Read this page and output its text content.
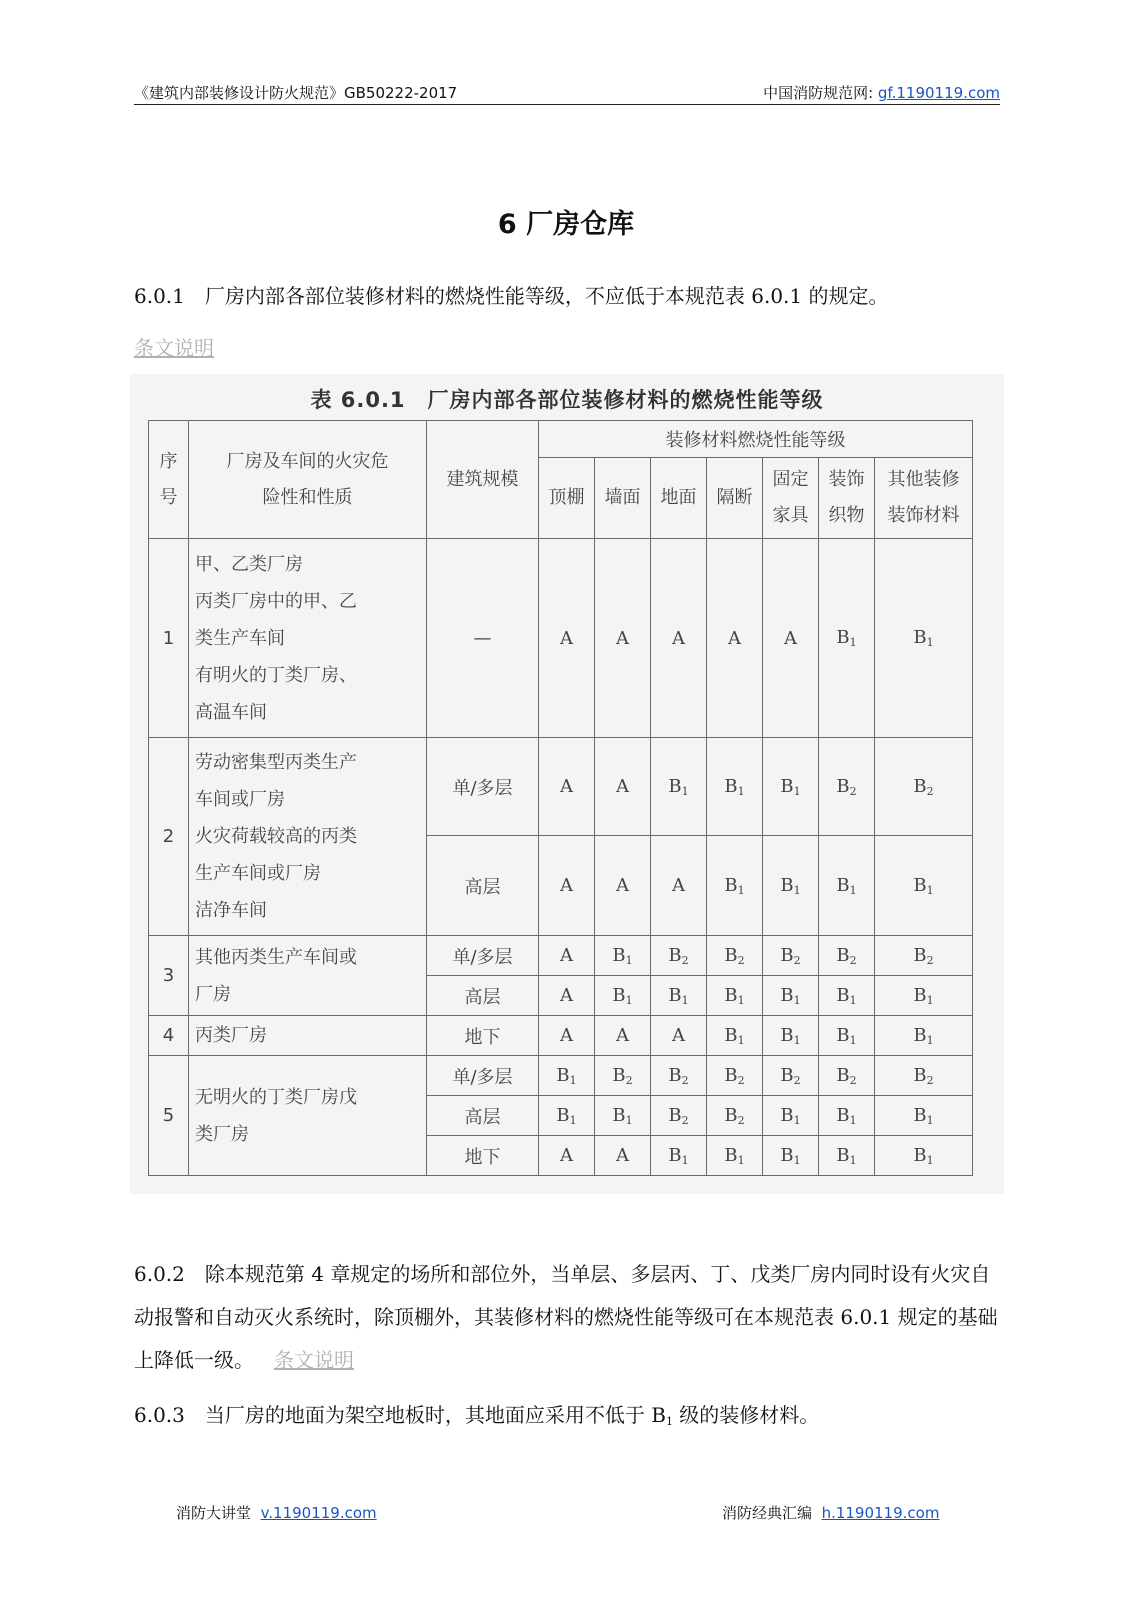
《建筑内部装修设计防火规范》GB50222-2017	中国消防规范网: gf.1190119.com
6 厂房仓库
6.0.1  厂房内部各部位装修材料的燃烧性能等级，不应低于本规范表 6.0.1 的规定。
条文说明
表 6.0.1　厂房内部各部位装修材料的燃烧性能等级
序号	厂房及车间的火灾危险性和性质	建筑规模	装修材料燃烧性能等级						
			顶棚	墙面	地面	隔断	固定家具	装饰织物	其他装修装饰材料
1	甲、乙类厂房
丙类厂房中的甲、乙
类生产车间
有明火的丁类厂房、
高温车间	—	A	A	A	A	A	$B_1$	$B_1$
2	劳动密集型丙类生产
车间或厂房
火灾荷载较高的丙类
生产车间或厂房
洁净车间	单/多层	A	A	$B_1$	$B_1$	$B_1$	$B_2$	$B_2$
		高层	A	A	A	$B_1$	$B_1$	$B_1$	$B_1$
3	其他丙类生产车间或
厂房	单/多层	A	$B_1$	$B_2$	$B_2$	$B_2$	$B_2$	$B_2$
		高层	A	$B_1$	$B_1$	$B_1$	$B_1$	$B_1$	$B_1$
4	丙类厂房	地下	A	A	A	$B_1$	$B_1$	$B_1$	$B_1$
5	无明火的丁类厂房戊
类厂房	单/多层	$B_1$	$B_2$	$B_2$	$B_2$	$B_2$	$B_2$	$B_2$
		高层	$B_1$	$B_1$	$B_2$	$B_2$	$B_1$	$B_1$	$B_1$
		地下	A	A	$B_1$	$B_1$	$B_1$	$B_1$	$B_1$
6.0.2  除本规范第 4 章规定的场所和部位外，当单层、多层丙、丁、戊类厂房内同时设有火灾自动报警和自动灭火系统时，除顶棚外，其装修材料的燃烧性能等级可在本规范表 6.0.1 规定的基础上降低一级。  条文说明
6.0.3  当厂房的地面为架空地板时，其地面应采用不低于 $B_1$ 级的装修材料。
消防大讲堂 v.1190119.com	消防经典汇编 h.1190119.com
